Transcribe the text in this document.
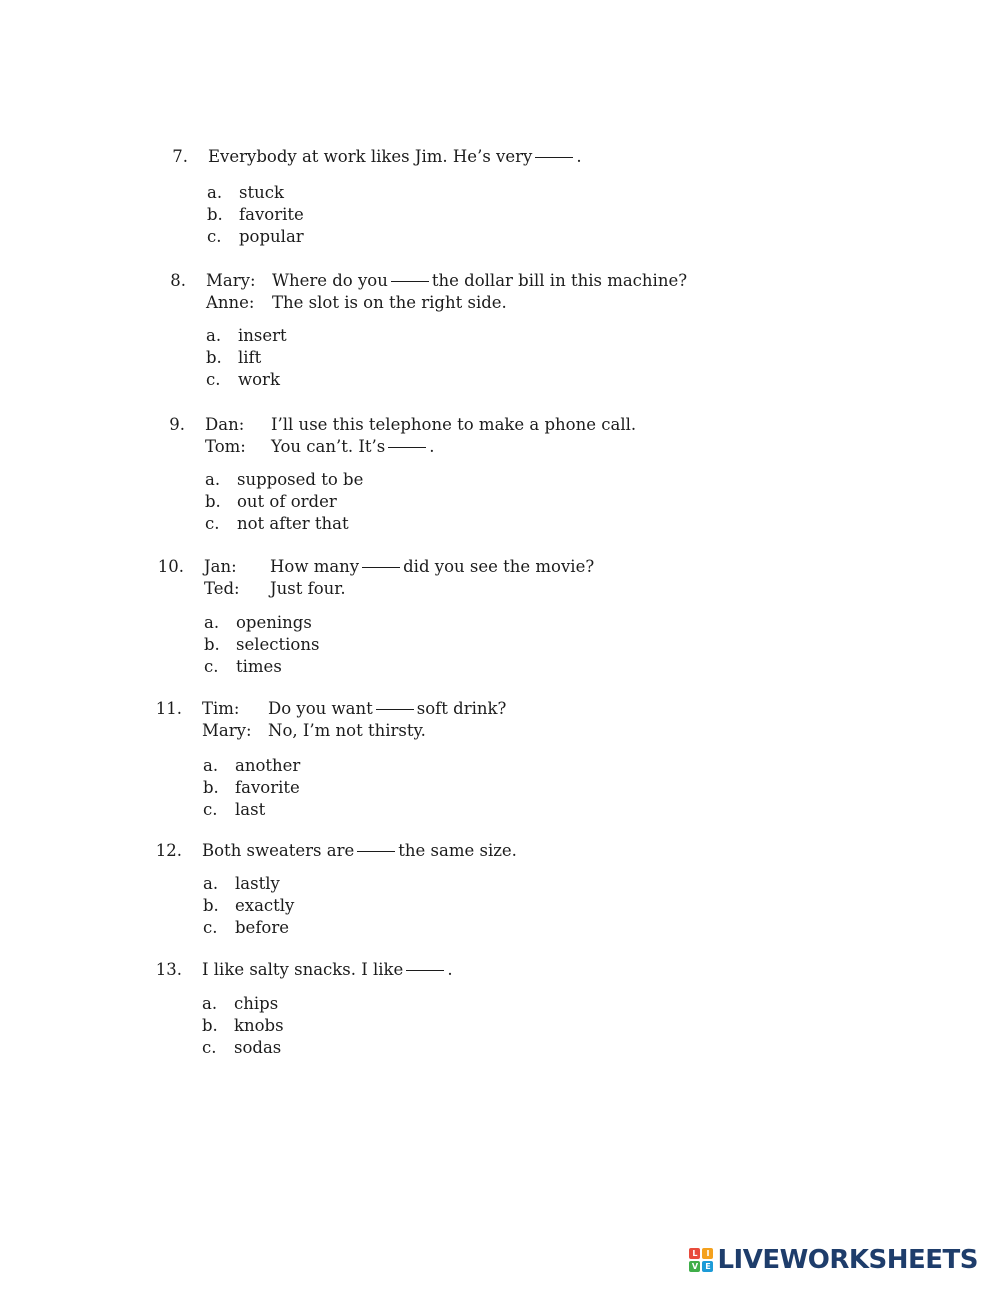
7. Everybody at work likes Jim. He’s very	.
a. stuck
b. favorite
c. popular
8. Mary:	Where do you	the dollar bill in this machine?
Anne:	The slot is on the right side.
a. insert
b. lift
c. work
9. Dan:	I’ll use this telephone to make a phone call.
Tom:	You can’t. It’s	.
a. supposed to be
b. out of order
c. not after that
10. Jan:	How many	did you see the movie?
Ted:	Just four.
a. openings
b. selections
c. times
11. Tim:	Do you want	soft drink?
Mary:	No, I’m not thirsty.
a. another
b. favorite
c. last
12. Both sweaters are	the same size.
a. lastly
b. exactly
c. before
13. I like salty snacks. I like	.
a. chips
b. knobs
c. sodas
L	I
V E LIVEWORKSHEETS
